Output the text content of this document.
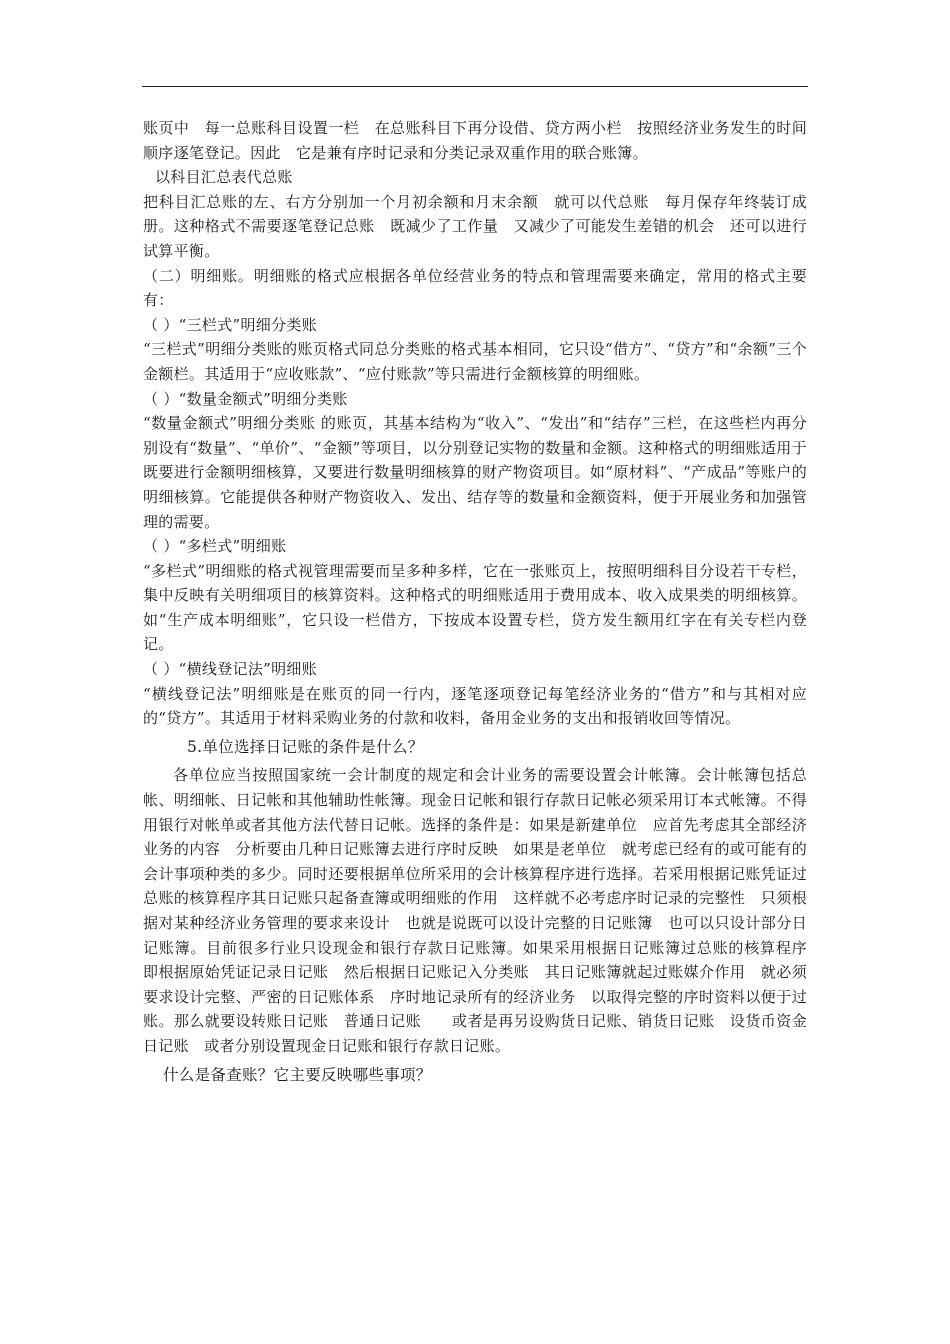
账页中　每一总账科目设置一栏　在总账科目下再分设借、贷方两小栏　按照经济业务发生的时间顺序逐笔登记。因此　它是兼有序时记录和分类记录双重作用的联合账簿。

以科目汇总表代总账

把科目汇总账的左、右方分别加一个月初余额和月末余额　就可以代总账　每月保存年终装订成册。这种格式不需要逐笔登记总账　既减少了工作量　又减少了可能发生差错的机会　还可以进行试算平衡。

（二）明细账。明细账的格式应根据各单位经营业务的特点和管理需要来确定，常用的格式主要有：

（ ）“三栏式”明细分类账

“三栏式”明细分类账的账页格式同总分类账的格式基本相同，它只设“借方”、“贷方”和“余额”三个金额栏。其适用于“应收账款”、“应付账款”等只需进行金额核算的明细账。

（ ）“数量金额式”明细分类账

“数量金额式”明细分类账 的账页，其基本结构为“收入”、“发出”和“结存”三栏，在这些栏内再分别设有“数量”、“单价”、“金额”等项目，以分别登记实物的数量和金额。这种格式的明细账适用于既要进行金额明细核算，又要进行数量明细核算的财产物资项目。如“原材料”、“产成品”等账户的明细核算。它能提供各种财产物资收入、发出、结存等的数量和金额资料，便于开展业务和加强管理的需要。

（ ）“多栏式”明细账

“多栏式”明细账的格式视管理需要而呈多种多样，它在一张账页上，按照明细科目分设若干专栏，集中反映有关明细项目的核算资料。这种格式的明细账适用于费用成本、收入成果类的明细核算。如“生产成本明细账”，它只设一栏借方，下按成本设置专栏，贷方发生额用红字在有关专栏内登记。

（ ）“横线登记法”明细账

“横线登记法”明细账是在账页的同一行内，逐笔逐项登记每笔经济业务的“借方”和与其相对应的“贷方”。其适用于材料采购业务的付款和收料，备用金业务的支出和报销收回等情况。

5.单位选择日记账的条件是什么？

各单位应当按照国家统一会计制度的规定和会计业务的需要设置会计帐簿。会计帐簿包括总帐、明细帐、日记帐和其他辅助性帐簿。现金日记帐和银行存款日记帐必须采用订本式帐簿。不得用银行对帐单或者其他方法代替日记帐。选择的条件是：如果是新建单位　应首先考虑其全部经济业务的内容　分析要由几种日记账簿去进行序时反映　如果是老单位　就考虑已经有的或可能有的会计事项种类的多少。同时还要根据单位所采用的会计核算程序进行选择。若采用根据记账凭证过总账的核算程序其日记账只起备查簿或明细账的作用　这样就不必考虑序时记录的完整性　只须根据对某种经济业务管理的要求来设计　也就是说既可以设计完整的日记账簿　也可以只设计部分日记账簿。目前很多行业只设现金和银行存款日记账簿。如果采用根据日记账簿过总账的核算程序　即根据原始凭证记录日记账　然后根据日记账记入分类账　其日记账簿就起过账媒介作用　就必须要求设计完整、严密的日记账体系　序时地记录所有的经济业务　以取得完整的序时资料以便于过账。那么就要设转账日记账　普通日记账　　或者是再另设购货日记账、销货日记账　设货币资金日记账　或者分别设置现金日记账和银行存款日记账。

什么是备查账？它主要反映哪些事项？
